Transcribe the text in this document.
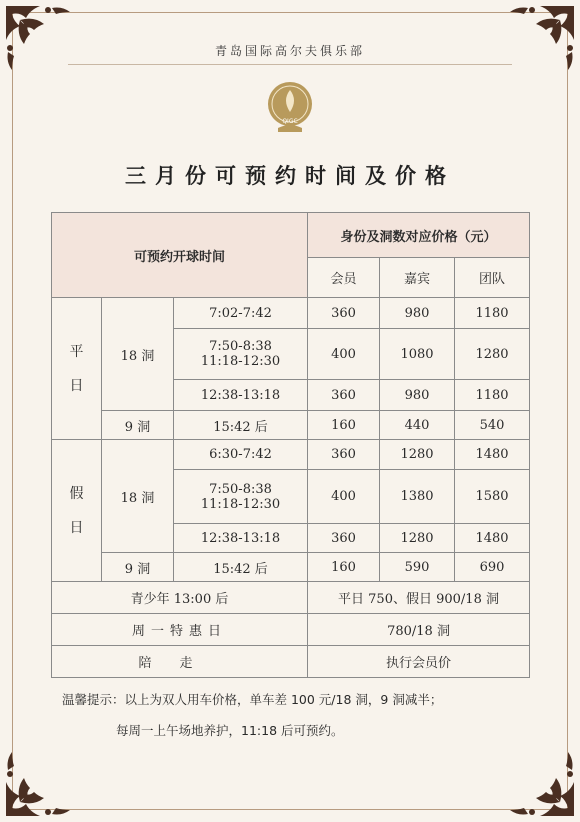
青岛国际高尔夫俱乐部
QIGC
三月份可预约时间及价格
可预约开球时间			身份及洞数对应价格（元）		
			会员	嘉宾	团队

平
日	18 洞	7:02-7:42	360	980	1180

		7:50-8:38
11:18-12:30	400	1080	1280
		12:38-13:18	360	980	1180
	9 洞	15:42 后	160	440	540

假
日	18 洞	6:30-7:42	360	1280	1480

		7:50-8:38
11:18-12:30	400	1380	1580
		12:38-13:18	360	1280	1480
	9 洞	15:42 后	160	590	690
青少年 13:00 后			平日 750、假日 900/18 洞		
周一特惠日			780/18 洞		
陪走			执行会员价		
温馨提示：以上为双人用车价格，单车差 100 元/18 洞，9 洞减半；
每周一上午场地养护，11:18 后可预约。
